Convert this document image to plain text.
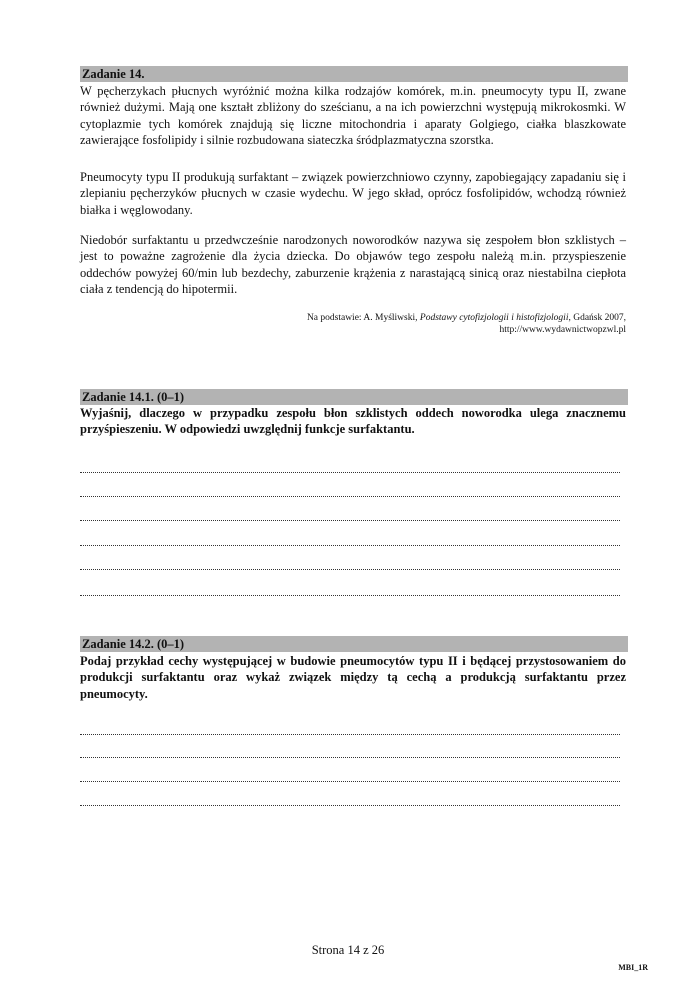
Zadanie 14.

W pęcherzykach płucnych wyróżnić można kilka rodzajów komórek, m.in. pneumocyty typu II, zwane również dużymi. Mają one kształt zbliżony do sześcianu, a na ich powierzchni występują mikrokosmki. W cytoplazmie tych komórek znajdują się liczne mitochondria i aparaty Golgiego, ciałka blaszkowate zawierające fosfolipidy i silnie rozbudowana siateczka śródplazmatyczna szorstka.

Pneumocyty typu II produkują surfaktant – związek powierzchniowo czynny, zapobiegający zapadaniu się i zlepianiu pęcherzyków płucnych w czasie wydechu. W jego skład, oprócz fosfolipidów, wchodzą również białka i węglowodany.

Niedobór surfaktantu u przedwcześnie narodzonych noworodków nazywa się zespołem błon szklistych – jest to poważne zagrożenie dla życia dziecka. Do objawów tego zespołu należą m.in. przyspieszenie oddechów powyżej 60/min lub bezdechy, zaburzenie krążenia z narastającą sinicą oraz niestabilna ciepłota ciała z tendencją do hipotermii.

Na podstawie: A. Myśliwski, Podstawy cytofizjologii i histofizjologii, Gdańsk 2007,
http://www.wydawnictwopzwl.pl
Zadanie 14.1. (0–1)

Wyjaśnij, dlaczego w przypadku zespołu błon szklistych oddech noworodka ulega znacznemu przyśpieszeniu. W odpowiedzi uwzględnij funkcje surfaktantu.

Zadanie 14.2. (0–1)

Podaj przykład cechy występującej w budowie pneumocytów typu II i będącej przystosowaniem do produkcji surfaktantu oraz wykaż związek między tą cechą a produkcją surfaktantu przez pneumocyty.

Strona 14 z 26
MBI_1R
